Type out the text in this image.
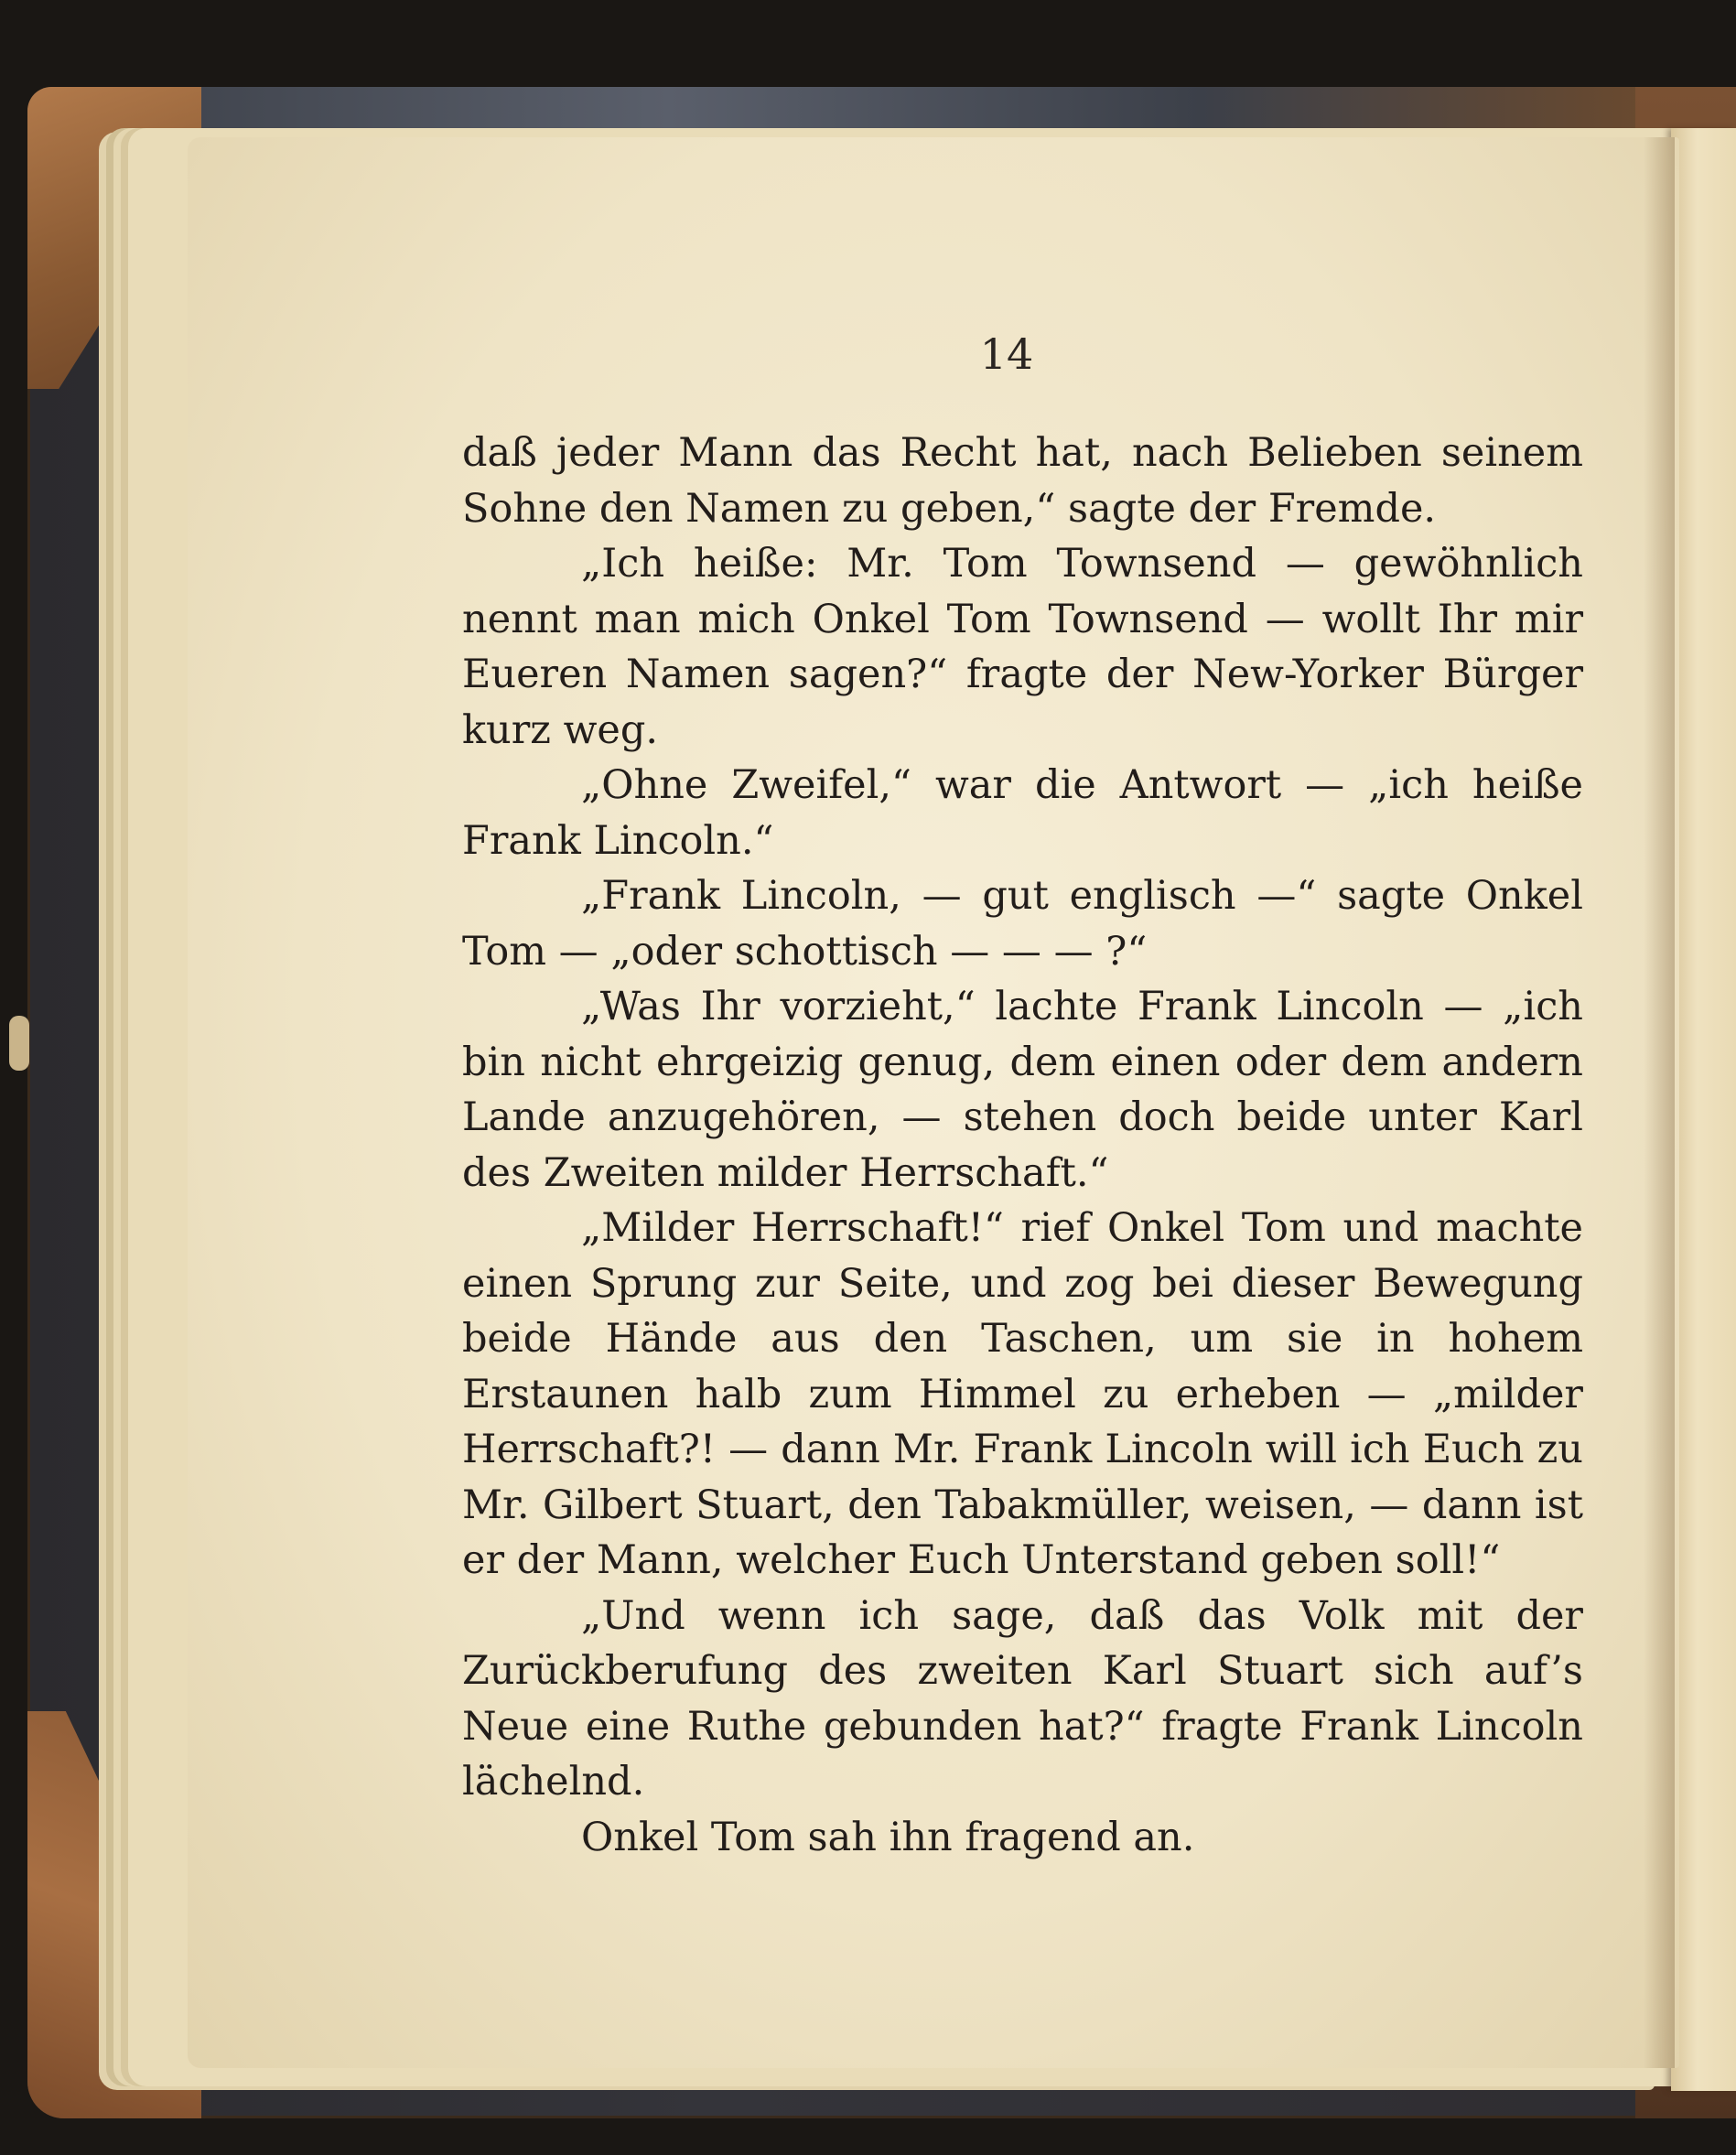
14

daß jeder Mann das Recht hat, nach Belieben seinem Sohne den Namen zu geben,“ sagte der Fremde.

„Ich heiße: Mr. Tom Townsend — gewöhnlich nennt man mich Onkel Tom Townsend — wollt Ihr mir Eueren Namen sagen?“ fragte der New-Yorker Bürger kurz weg.

„Ohne Zweifel,“ war die Antwort — „ich heiße Frank Lincoln.“

„Frank Lincoln, — gut englisch —“ sagte Onkel Tom — „oder schottisch — — — ?“

„Was Ihr vorzieht,“ lachte Frank Lincoln — „ich bin nicht ehrgeizig genug, dem einen oder dem andern Lande anzugehören, — stehen doch beide unter Karl des Zweiten milder Herrschaft.“

„Milder Herrschaft!“ rief Onkel Tom und machte einen Sprung zur Seite, und zog bei dieser Bewegung beide Hände aus den Taschen, um sie in hohem Erstaunen halb zum Himmel zu erheben — „milder Herrschaft?! — dann Mr. Frank Lincoln will ich Euch zu Mr. Gilbert Stuart, den Tabakmüller, weisen, — dann ist er der Mann, welcher Euch Unterstand geben soll!“

„Und wenn ich sage, daß das Volk mit der Zurückberufung des zweiten Karl Stuart sich auf’s Neue eine Ruthe gebunden hat?“ fragte Frank Lincoln lächelnd.

Onkel Tom sah ihn fragend an.
